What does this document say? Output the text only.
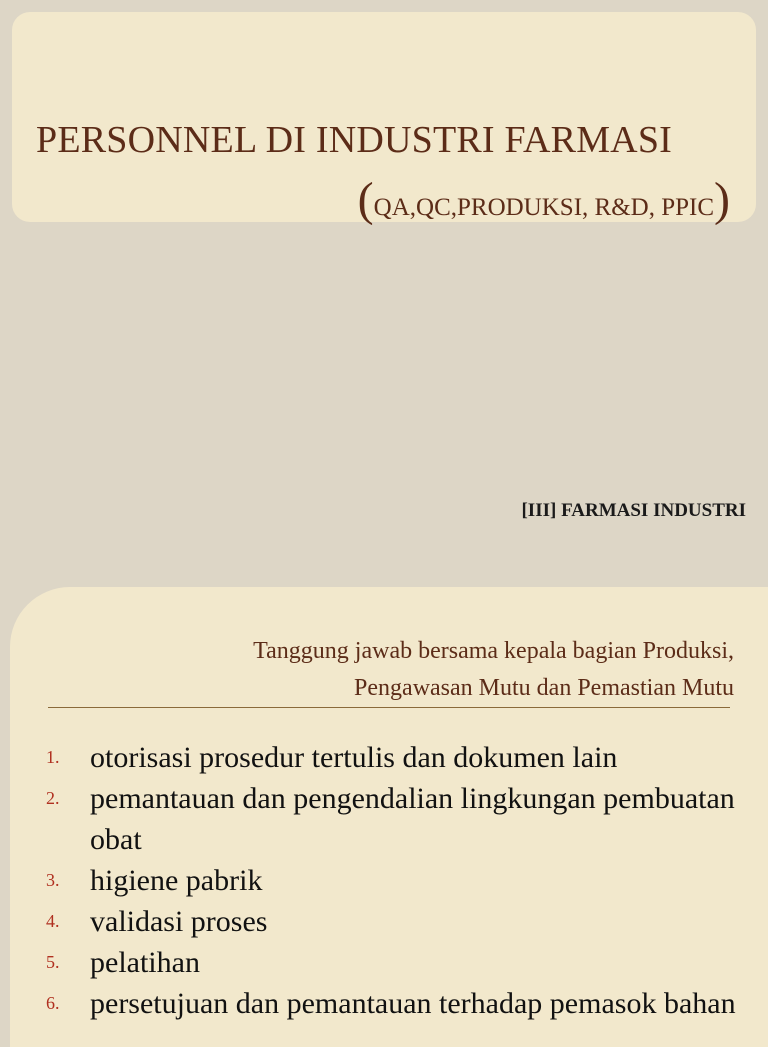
PERSONNEL DI INDUSTRI FARMASI
(QA,QC,PRODUKSI, R&D, PPIC)
[III] FARMASI INDUSTRI
Tanggung jawab bersama kepala bagian Produksi,
Pengawasan Mutu dan Pemastian Mutu
1. otorisasi prosedur tertulis dan dokumen lain
2. pemantauan dan pengendalian lingkungan pembuatan obat
3. higiene pabrik
4. validasi proses
5. pelatihan
6. persetujuan dan pemantauan terhadap pemasok bahan
